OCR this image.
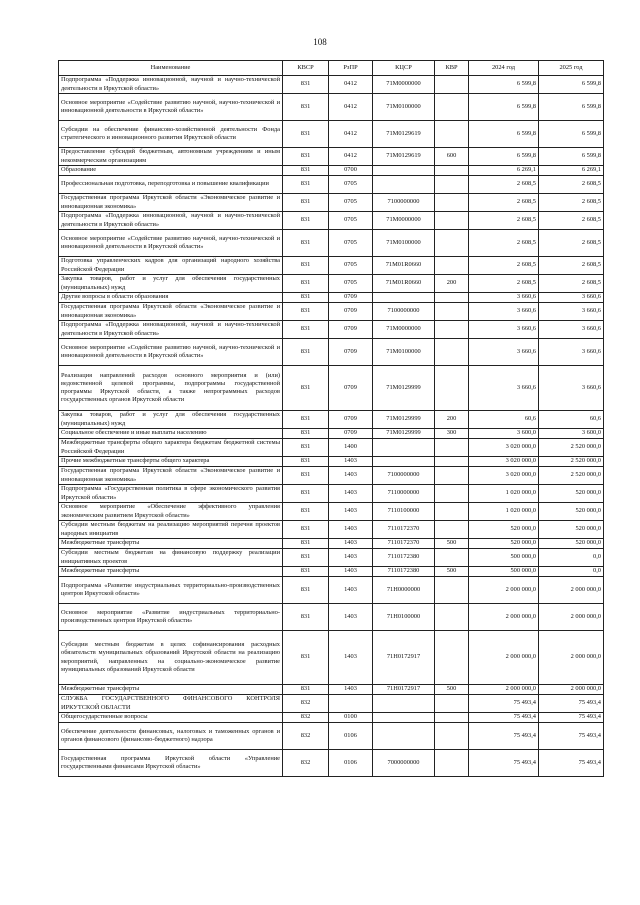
108
Наименование	КВСР	РзПР	КЦСР	КВР	2024 год	2025 год
Подпрограмма «Поддержка инновационной, научной и научно-технической деятельности в Иркутской области»	831	0412	71М0000000		6 599,8	6 599,8
Основное мероприятие «Содействие развитию научной, научно-технической и инновационной деятельности в Иркутской области»	831	0412	71М0100000		6 599,8	6 599,8
Субсидии на обеспечение финансово-хозяйственной деятельности Фонда стратегического и инновационного развития Иркутской области	831	0412	71М0129619		6 599,8	6 599,8
Предоставление субсидий бюджетным, автономным учреждениям и иным некоммерческим организациям	831	0412	71М0129619	600	6 599,8	6 599,8
Образование	831	0700			6 269,1	6 269,1
Профессиональная подготовка, переподготовка и повышение квалификации	831	0705			2 608,5	2 608,5
Государственная программа Иркутской области «Экономическое развитие и инновационная экономика»	831	0705	7100000000		2 608,5	2 608,5
Подпрограмма «Поддержка инновационной, научной и научно-технической деятельности в Иркутской области»	831	0705	71М0000000		2 608,5	2 608,5
Основное мероприятие «Содействие развитию научной, научно-технической и инновационной деятельности в Иркутской области»	831	0705	71М0100000		2 608,5	2 608,5
Подготовка управленческих кадров для организаций народного хозяйства Российской Федерации	831	0705	71М01R0660		2 608,5	2 608,5
Закупка товаров, работ и услуг для обеспечения государственных (муниципальных) нужд	831	0705	71М01R0660	200	2 608,5	2 608,5
Другие вопросы в области образования	831	0709			3 660,6	3 660,6
Государственная программа Иркутской области «Экономическое развитие и инновационная экономика»	831	0709	7100000000		3 660,6	3 660,6
Подпрограмма «Поддержка инновационной, научной и научно-технической деятельности в Иркутской области»	831	0709	71М0000000		3 660,6	3 660,6
Основное мероприятие «Содействие развитию научной, научно-технической и инновационной деятельности в Иркутской области»	831	0709	71М0100000		3 660,6	3 660,6
Реализация направлений расходов основного мероприятия и (или) ведомственной целевой программы, подпрограммы государственной программы Иркутской области, а также непрограммных расходов государственных органов Иркутской области	831	0709	71М0129999		3 660,6	3 660,6
Закупка товаров, работ и услуг для обеспечения государственных (муниципальных) нужд	831	0709	71М0129999	200	60,6	60,6
Социальное обеспечение и иные выплаты населению	831	0709	71М0129999	300	3 600,0	3 600,0
Межбюджетные трансферты общего характера бюджетам бюджетной системы Российской Федерации	831	1400			3 020 000,0	2 520 000,0
Прочие межбюджетные трансферты общего характера	831	1403			3 020 000,0	2 520 000,0
Государственная программа Иркутской области «Экономическое развитие и инновационная экономика»	831	1403	7100000000		3 020 000,0	2 520 000,0
Подпрограмма «Государственная политика в сфере экономического развития Иркутской области»	831	1403	7110000000		1 020 000,0	520 000,0
Основное мероприятие «Обеспечение эффективного управления экономическим развитием Иркутской области»	831	1403	7110100000		1 020 000,0	520 000,0
Субсидии местным бюджетам на реализацию мероприятий перечня проектов народных инициатив	831	1403	7110172370		520 000,0	520 000,0
Межбюджетные трансферты	831	1403	7110172370	500	520 000,0	520 000,0
Субсидии местным бюджетам на финансовую поддержку реализации инициативных проектов	831	1403	7110172380		500 000,0	0,0
Межбюджетные трансферты	831	1403	7110172380	500	500 000,0	0,0
Подпрограмма «Развитие индустриальных территориально-производственных центров Иркутской области»	831	1403	71Н0000000		2 000 000,0	2 000 000,0
Основное мероприятие «Развитие индустриальных территориально-производственных центров Иркутской области»	831	1403	71Н0100000		2 000 000,0	2 000 000,0
Субсидии местным бюджетам в целях софинансирования расходных обязательств муниципальных образований Иркутской области на реализацию мероприятий, направленных на социально-экономическое развитие муниципальных образований Иркутской области	831	1403	71Н0172917		2 000 000,0	2 000 000,0
Межбюджетные трансферты	831	1403	71Н0172917	500	2 000 000,0	2 000 000,0
СЛУЖБА ГОСУДАРСТВЕННОГО ФИНАНСОВОГО КОНТРОЛЯ ИРКУТСКОЙ ОБЛАСТИ	832				75 493,4	75 493,4
Общегосударственные вопросы	832	0100			75 493,4	75 493,4
Обеспечение деятельности финансовых, налоговых и таможенных органов и органов финансового (финансово-бюджетного) надзора	832	0106			75 493,4	75 493,4
Государственная программа Иркутской области «Управление государственными финансами Иркутской области»	832	0106	7000000000		75 493,4	75 493,4
